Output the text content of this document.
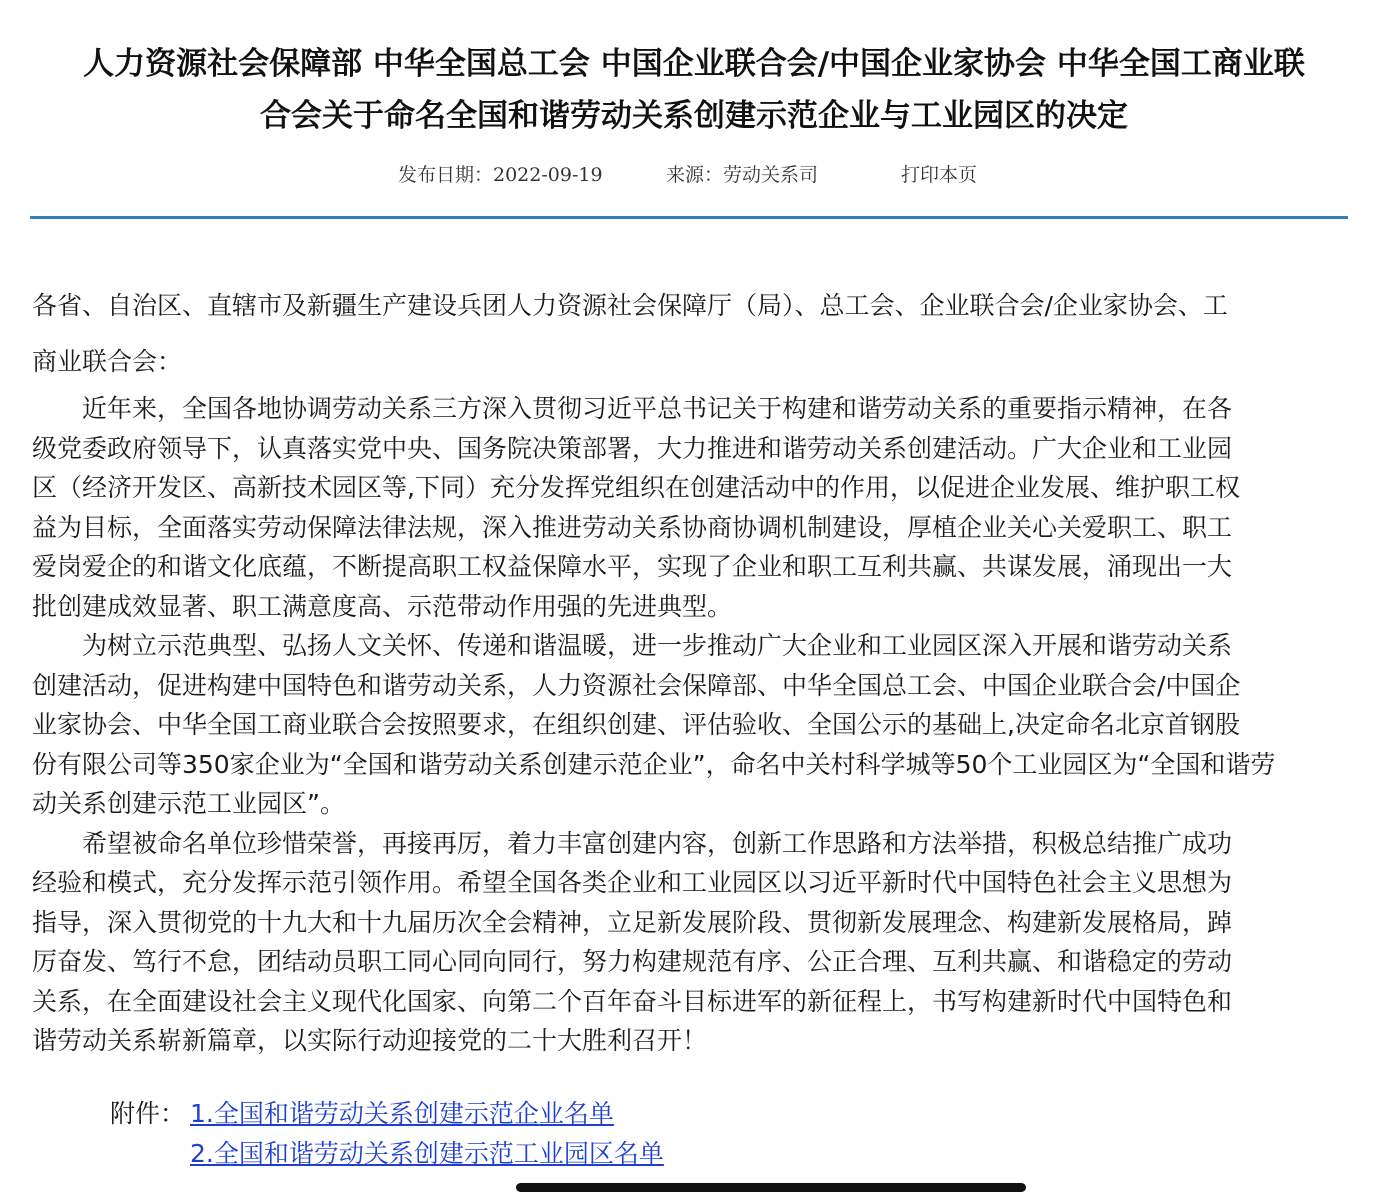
人力资源社会保障部 中华全国总工会 中国企业联合会/中国企业家协会 中华全国工商业联
合会关于命名全国和谐劳动关系创建示范企业与工业园区的决定
发布日期：2022-09-19	来源：劳动关系司	打印本页
各省、自治区、直辖市及新疆生产建设兵团人力资源社会保障厅（局）、总工会、企业联合会/企业家协会、工
商业联合会：
近年来，全国各地协调劳动关系三方深入贯彻习近平总书记关于构建和谐劳动关系的重要指示精神，在各
级党委政府领导下，认真落实党中央、国务院决策部署，大力推进和谐劳动关系创建活动。广大企业和工业园
区（经济开发区、高新技术园区等,下同）充分发挥党组织在创建活动中的作用，以促进企业发展、维护职工权
益为目标，全面落实劳动保障法律法规，深入推进劳动关系协商协调机制建设，厚植企业关心关爱职工、职工
爱岗爱企的和谐文化底蕴，不断提高职工权益保障水平，实现了企业和职工互利共赢、共谋发展，涌现出一大
批创建成效显著、职工满意度高、示范带动作用强的先进典型。
为树立示范典型、弘扬人文关怀、传递和谐温暖，进一步推动广大企业和工业园区深入开展和谐劳动关系
创建活动，促进构建中国特色和谐劳动关系，人力资源社会保障部、中华全国总工会、中国企业联合会/中国企
业家协会、中华全国工商业联合会按照要求，在组织创建、评估验收、全国公示的基础上,决定命名北京首钢股
份有限公司等350家企业为“全国和谐劳动关系创建示范企业”，命名中关村科学城等50个工业园区为“全国和谐劳
动关系创建示范工业园区”。
希望被命名单位珍惜荣誉，再接再厉，着力丰富创建内容，创新工作思路和方法举措，积极总结推广成功
经验和模式，充分发挥示范引领作用。希望全国各类企业和工业园区以习近平新时代中国特色社会主义思想为
指导，深入贯彻党的十九大和十九届历次全会精神，立足新发展阶段、贯彻新发展理念、构建新发展格局，踔
厉奋发、笃行不怠，团结动员职工同心同向同行，努力构建规范有序、公正合理、互利共赢、和谐稳定的劳动
关系，在全面建设社会主义现代化国家、向第二个百年奋斗目标进军的新征程上，书写构建新时代中国特色和
谐劳动关系崭新篇章，以实际行动迎接党的二十大胜利召开！
附件： 1.全国和谐劳动关系创建示范企业名单
2.全国和谐劳动关系创建示范工业园区名单
